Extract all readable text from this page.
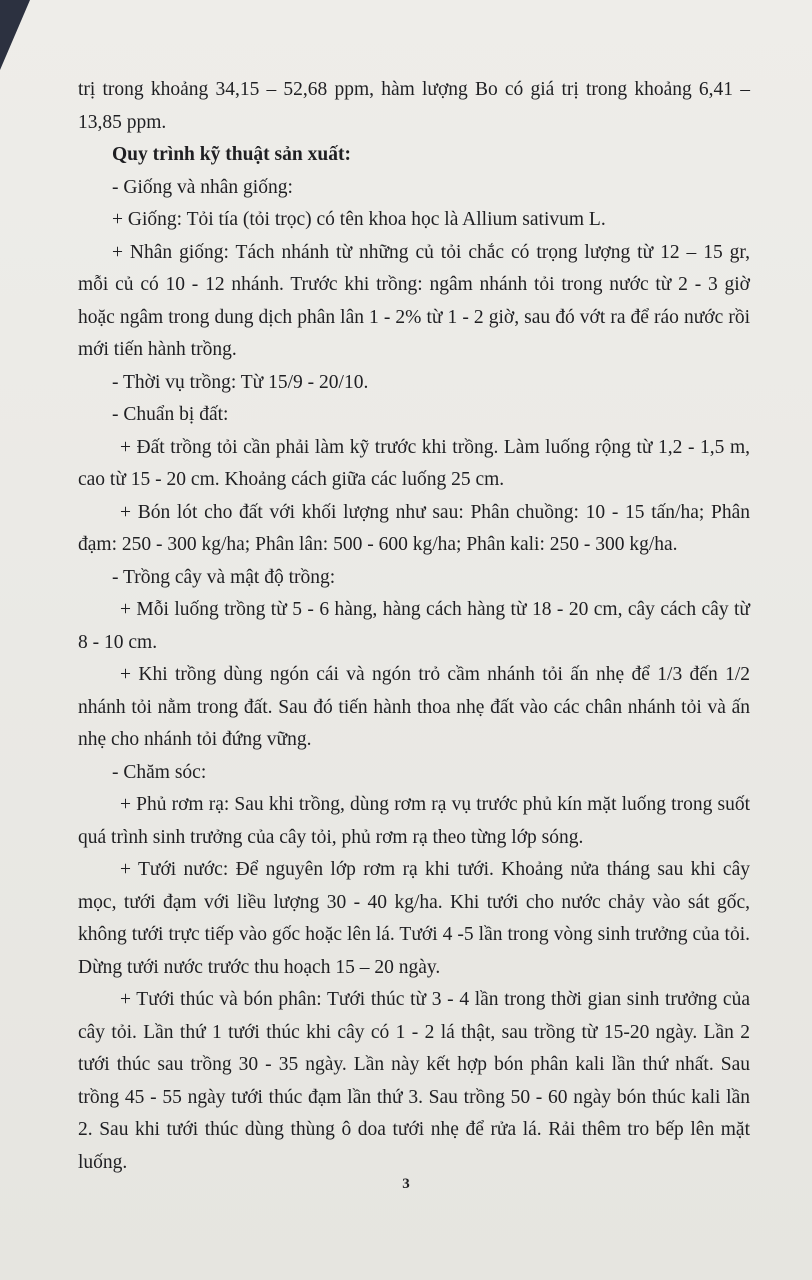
trị trong khoảng 34,15 – 52,68 ppm, hàm lượng Bo có giá trị trong khoảng 6,41 – 13,85 ppm.

Quy trình kỹ thuật sản xuất:

- Giống và nhân giống:

+ Giống: Tỏi tía (tỏi trọc) có tên khoa học là Allium sativum L.

+ Nhân giống: Tách nhánh từ những củ tỏi chắc có trọng lượng từ 12 – 15 gr, mỗi củ có 10 - 12 nhánh. Trước khi trồng: ngâm nhánh tỏi trong nước từ 2 - 3 giờ hoặc ngâm trong dung dịch phân lân 1 - 2% từ 1 - 2 giờ, sau đó vớt ra để ráo nước rồi mới tiến hành trồng.

- Thời vụ trồng: Từ 15/9 - 20/10.

- Chuẩn bị đất:

+ Đất trồng tỏi cần phải làm kỹ trước khi trồng. Làm luống rộng từ 1,2 - 1,5 m, cao từ 15 - 20 cm. Khoảng cách giữa các luống 25 cm.

+ Bón lót cho đất với khối lượng như sau: Phân chuồng: 10 - 15 tấn/ha; Phân đạm: 250 - 300 kg/ha; Phân lân: 500 - 600 kg/ha; Phân kali: 250 - 300 kg/ha.

- Trồng cây và mật độ trồng:

+ Mỗi luống trồng từ 5 - 6 hàng, hàng cách hàng từ 18 - 20 cm, cây cách cây từ 8 - 10 cm.

+ Khi trồng dùng ngón cái và ngón trỏ cầm nhánh tỏi ấn nhẹ để 1/3 đến 1/2 nhánh tỏi nằm trong đất. Sau đó tiến hành thoa nhẹ đất vào các chân nhánh tỏi và ấn nhẹ cho nhánh tỏi đứng vững.

- Chăm sóc:

+ Phủ rơm rạ: Sau khi trồng, dùng rơm rạ vụ trước phủ kín mặt luống trong suốt quá trình sinh trưởng của cây tỏi, phủ rơm rạ theo từng lớp sóng.

+ Tưới nước: Để nguyên lớp rơm rạ khi tưới. Khoảng nửa tháng sau khi cây mọc, tưới đạm với liều lượng 30 - 40 kg/ha. Khi tưới cho nước chảy vào sát gốc, không tưới trực tiếp vào gốc hoặc lên lá. Tưới 4 -5 lần trong vòng sinh trưởng của tỏi. Dừng tưới nước trước thu hoạch 15 – 20 ngày.

+ Tưới thúc và bón phân: Tưới thúc từ 3 - 4 lần trong thời gian sinh trưởng của cây tỏi. Lần thứ 1 tưới thúc khi cây có 1 - 2 lá thật, sau trồng từ 15-20 ngày. Lần 2 tưới thúc sau trồng 30 - 35 ngày. Lần này kết hợp bón phân kali lần thứ nhất. Sau trồng 45 - 55 ngày tưới thúc đạm lần thứ 3. Sau trồng 50 - 60 ngày bón thúc kali lần 2. Sau khi tưới thúc dùng thùng ô doa tưới nhẹ để rửa lá. Rải thêm tro bếp lên mặt luống.

3
